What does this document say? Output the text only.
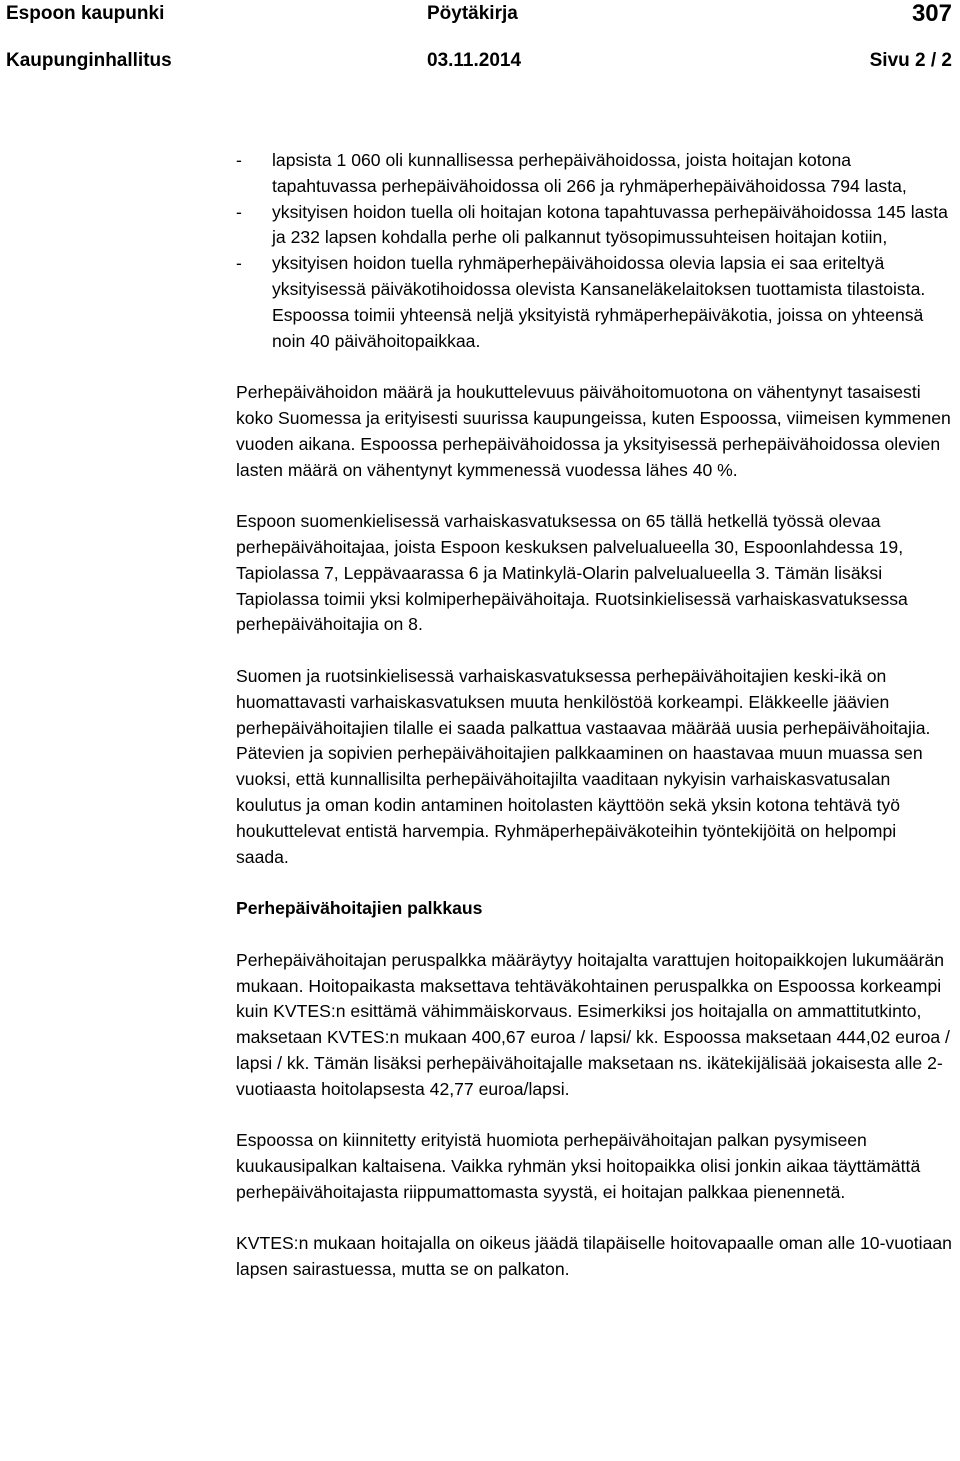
Espoon kaupunki	Pöytäkirja	307
Kaupunginhallitus	03.11.2014	Sivu 2 / 2
- lapsista 1 060 oli kunnallisessa perhepäivähoidossa, joista hoitajan kotona tapahtuvassa perhepäivähoidossa oli 266 ja ryhmäperhepäivähoidossa 794 lasta,
- yksityisen hoidon tuella oli hoitajan kotona tapahtuvassa perhepäivähoidossa 145 lasta ja 232 lapsen kohdalla perhe oli palkannut työsopimussuhteisen hoitajan kotiin,
- yksityisen hoidon tuella ryhmäperhepäivähoidossa olevia lapsia ei saa eriteltyä yksityisessä päiväkotihoidossa olevista Kansaneläkelaitoksen tuottamista tilastoista. Espoossa toimii yhteensä neljä yksityistä ryhmäperhepäiväkotia, joissa on yhteensä noin 40 päivähoitopaikkaa.

Perhepäivähoidon määrä ja houkuttelevuus päivähoitomuotona on vähentynyt tasaisesti koko Suomessa ja erityisesti suurissa kaupungeissa, kuten Espoossa, viimeisen kymmenen vuoden aikana. Espoossa perhepäivähoidossa ja yksityisessä perhepäivähoidossa olevien lasten määrä on vähentynyt kymmenessä vuodessa lähes 40 %.

Espoon suomenkielisessä varhaiskasvatuksessa on 65 tällä hetkellä työssä olevaa perhepäivähoitajaa, joista Espoon keskuksen palvelualueella 30, Espoonlahdessa 19, Tapiolassa 7, Leppävaarassa 6 ja Matinkylä-Olarin palvelualueella 3. Tämän lisäksi Tapiolassa toimii yksi kolmiperhepäivähoitaja. Ruotsinkielisessä varhaiskasvatuksessa perhepäivähoitajia on 8.

Suomen ja ruotsinkielisessä varhaiskasvatuksessa perhepäivähoitajien keski-ikä on huomattavasti varhaiskasvatuksen muuta henkilöstöä korkeampi. Eläkkeelle jäävien perhepäivähoitajien tilalle ei saada palkattua vastaavaa määrää uusia perhepäivähoitajia. Pätevien ja sopivien perhepäivähoitajien palkkaaminen on haastavaa muun muassa sen vuoksi, että kunnallisilta perhepäivähoitajilta vaaditaan nykyisin varhaiskasvatusalan koulutus ja oman kodin antaminen hoitolasten käyttöön sekä yksin kotona tehtävä työ houkuttelevat entistä harvempia. Ryhmäperhepäiväkoteihin työntekijöitä on helpompi saada.

Perhepäivähoitajien palkkaus

Perhepäivähoitajan peruspalkka määräytyy hoitajalta varattujen hoitopaikkojen lukumäärän mukaan. Hoitopaikasta maksettava tehtäväkohtainen peruspalkka on Espoossa korkeampi kuin KVTES:n esittämä vähimmäiskorvaus. Esimerkiksi jos hoitajalla on ammattitutkinto, maksetaan KVTES:n mukaan 400,67 euroa / lapsi/ kk. Espoossa maksetaan 444,02 euroa / lapsi / kk. Tämän lisäksi perhepäivähoitajalle maksetaan ns. ikätekijälisää jokaisesta alle 2-vuotiaasta hoitolapsesta 42,77 euroa/lapsi.

Espoossa on kiinnitetty erityistä huomiota perhepäivähoitajan palkan pysymiseen kuukausipalkan kaltaisena. Vaikka ryhmän yksi hoitopaikka olisi jonkin aikaa täyttämättä perhepäivähoitajasta riippumattomasta syystä, ei hoitajan palkkaa pienennetä.

KVTES:n mukaan hoitajalla on oikeus jäädä tilapäiselle hoitovapaalle oman alle 10-vuotiaan lapsen sairastuessa, mutta se on palkaton.
